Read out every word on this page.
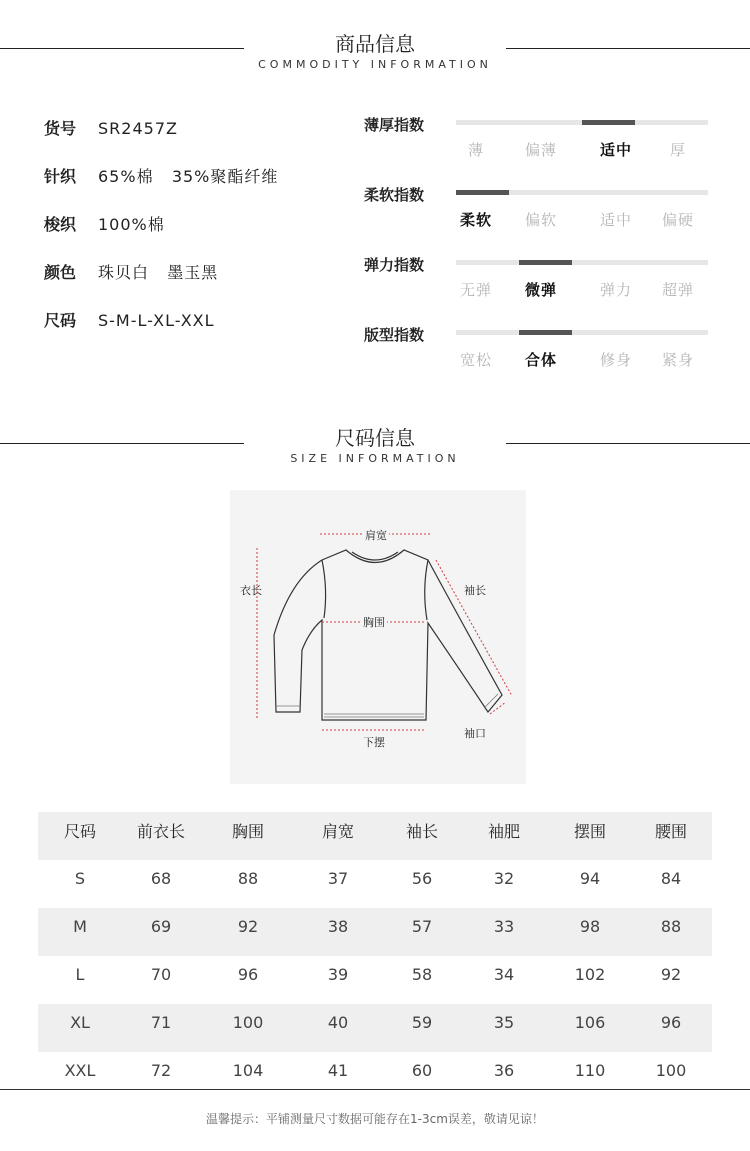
商品信息
COMMODITY INFORMATION
货号 SR2457Z
针织 65%棉   35%聚酯纤维
梭织 100%棉
颜色 珠贝白   墨玉黑
尺码 S-M-L-XL-XXL
薄厚指数
薄	偏薄	适中	厚
柔软指数
柔软	偏软	适中	偏硬
弹力指数
无弹	微弹	弹力	超弹
版型指数
宽松	合体	修身	紧身
尺码信息
SIZE INFORMATION
肩宽
衣长	袖长
胸围
下摆
袖口
尺码	前衣长	胸围	肩宽	袖长	袖肥	摆围	腰围
S	68	88	37	56	32	94	84
M	69	92	38	57	33	98	88
L	70	96	39	58	34	102	92
XL	71	100	40	59	35	106	96
XXL	72	104	41	60	36	110	100
温馨提示：平铺测量尺寸数据可能存在1-3cm误差，敬请见谅！
